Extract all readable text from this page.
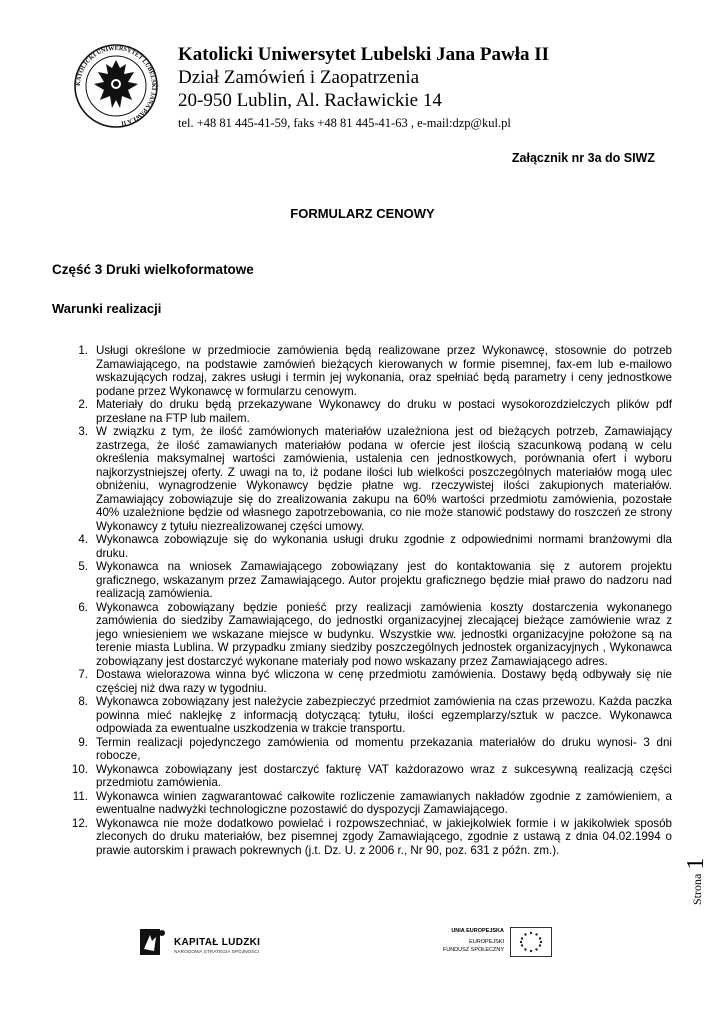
KATOLICKI UNIWERSYTET LUBELSKI JANA PAWŁA II
Katolicki Uniwersytet Lubelski Jana Pawła II
Dział Zamówień i Zaopatrzenia
20-950 Lublin, Al. Racławickie 14
tel. +48 81 445-41-59, faks +48 81 445-41-63 , e-mail:dzp@kul.pl
Załącznik nr 3a do SIWZ
FORMULARZ CENOWY
Część 3 Druki wielkoformatowe
Warunki realizacji
1. Usługi określone w przedmiocie zamówienia będą realizowane przez Wykonawcę, stosownie do potrzeb Zamawiającego, na podstawie zamówień bieżących kierowanych w formie pisemnej, fax-em lub e-mailowo wskazujących rodzaj, zakres usługi i termin jej wykonania, oraz spełniać będą parametry i ceny jednostkowe podane przez Wykonawcę w formularzu cenowym.
2. Materiały do druku będą przekazywane Wykonawcy do druku w postaci wysokorozdzielczych plików pdf przesłane na FTP lub mailem.
3. W związku z tym, że ilość zamówionych materiałów uzależniona jest od bieżących potrzeb, Zamawiający zastrzega, że ilość zamawianych materiałów podana w ofercie jest ilością szacunkową podaną w celu określenia maksymalnej wartości zamówienia, ustalenia cen jednostkowych, porównania ofert i wyboru najkorzystniejszej oferty. Z uwagi na to, iż podane ilości lub wielkości poszczególnych materiałów mogą ulec obniżeniu, wynagrodzenie Wykonawcy będzie płatne wg. rzeczywistej ilości zakupionych materiałów. Zamawiający zobowiązuje się do zrealizowania zakupu na 60% wartości przedmiotu zamówienia, pozostałe 40% uzależnione będzie od własnego zapotrzebowania, co nie może stanowić podstawy do roszczeń ze strony Wykonawcy z tytułu niezrealizowanej części umowy.
4. Wykonawca zobowiązuje się do wykonania usługi druku zgodnie z odpowiednimi normami branżowymi dla druku.
5. Wykonawca na wniosek Zamawiającego zobowiązany jest do kontaktowania się z autorem projektu graficznego, wskazanym przez Zamawiającego. Autor projektu graficznego będzie miał prawo do nadzoru nad realizacją zamówienia.
6. Wykonawca zobowiązany będzie ponieść przy realizacji zamówienia koszty dostarczenia wykonanego zamówienia do siedziby Zamawiającego, do jednostki organizacyjnej zlecającej bieżące zamówienie wraz z jego wniesieniem we wskazane miejsce w budynku. Wszystkie ww. jednostki organizacyjne położone są na terenie miasta Lublina. W przypadku zmiany siedziby poszczególnych jednostek organizacyjnych , Wykonawca zobowiązany jest dostarczyć wykonane materiały pod nowo wskazany przez Zamawiającego adres.
7. Dostawa wielorazowa winna być wliczona w cenę przedmiotu zamówienia. Dostawy będą odbywały się nie częściej niż dwa razy w tygodniu.
8. Wykonawca zobowiązany jest należycie zabezpieczyć przedmiot zamówienia na czas przewozu. Każda paczka powinna mieć naklejkę z informacją dotyczącą: tytułu, ilości egzemplarzy/sztuk w paczce. Wykonawca odpowiada za ewentualne uszkodzenia w trakcie transportu.
9. Termin realizacji pojedynczego zamówienia od momentu przekazania materiałów do druku wynosi- 3 dni robocze,
10. Wykonawca zobowiązany jest dostarczyć fakturę VAT każdorazowo wraz z sukcesywną realizacją części przedmiotu zamówienia.
11. Wykonawca winien zagwarantować całkowite rozliczenie zamawianych nakładów zgodnie z zamówieniem, a ewentualne nadwyżki technologiczne pozostawić do dyspozycji Zamawiającego.
12. Wykonawca nie może dodatkowo powielać i rozpowszechniać, w jakiejkolwiek formie i w jakikolwiek sposób zleconych do druku materiałów, bez pisemnej zgody Zamawiającego, zgodnie z ustawą z dnia 04.02.1994 o prawie autorskim i prawach pokrewnych (j.t. Dz. U. z 2006 r., Nr 90, poz. 631 z późn. zm.).
Strona1
KAPITAŁ LUDZKI
NARODOWA STRATEGIA SPÓJNOŚCI
UNIA EUROPEJSKA
EUROPEJSKI
FUNDUSZ SPOŁECZNY
